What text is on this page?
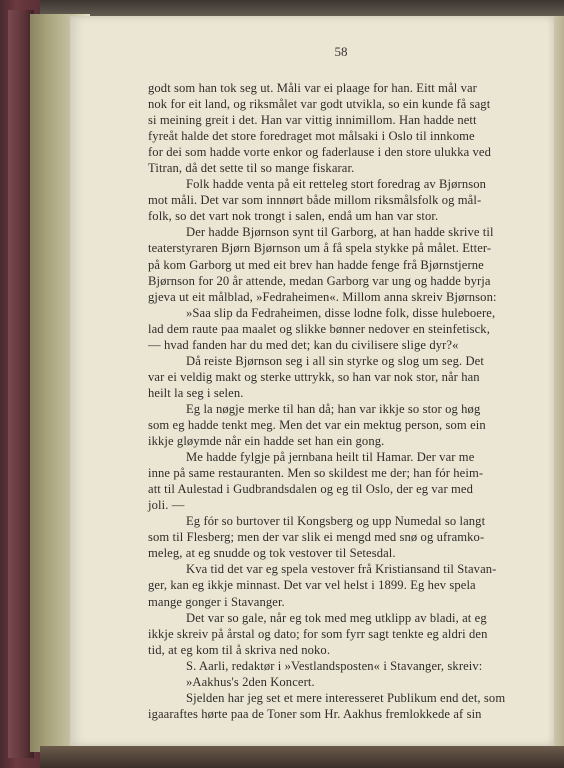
58
godt som han tok seg ut. Måli var ei plaage for han. Eitt mål var
nok for eit land, og riksmålet var godt utvikla, so ein kunde få sagt
si meining greit i det. Han var vittig innimillom. Han hadde nett
fyreåt halde det store foredraget mot målsaki i Oslo til innkome
for dei som hadde vorte enkor og faderlause i den store ulukka ved
Titran, då det sette til so mange fiskarar.
Folk hadde venta på eit retteleg stort foredrag av Bjørnson
mot måli. Det var som innnørt både millom riksmålsfolk og mål-
folk, so det vart nok trongt i salen, endå um han var stor.
Der hadde Bjørnson synt til Garborg, at han hadde skrive til
teaterstyraren Bjørn Bjørnson um å få spela stykke på målet. Etter-
på kom Garborg ut med eit brev han hadde fenge frå Bjørnstjerne
Bjørnson for 20 år attende, medan Garborg var ung og hadde byrja
gjeva ut eit målblad, »Fedraheimen«. Millom anna skreiv Bjørnson:
»Saa slip da Fedraheimen, disse lodne folk, disse huleboere,
lad dem raute paa maalet og slikke bønner nedover en steinfetisck,
— hvad fanden har du med det; kan du civilisere slige dyr?«
Då reiste Bjørnson seg i all sin styrke og slog um seg. Det
var ei veldig makt og sterke uttrykk, so han var nok stor, når han
heilt la seg i selen.
Eg la nøgje merke til han då; han var ikkje so stor og høg
som eg hadde tenkt meg. Men det var ein mektug person, som ein
ikkje gløymde når ein hadde set han ein gong.
Me hadde fylgje på jernbana heilt til Hamar. Der var me
inne på same restauranten. Men so skildest me der; han fór heim-
att til Aulestad i Gudbrandsdalen og eg til Oslo, der eg var med
joli. —
Eg fór so burtover til Kongsberg og upp Numedal so langt
som til Flesberg; men der var slik ei mengd med snø og uframko-
meleg, at eg snudde og tok vestover til Setesdal.
Kva tid det var eg spela vestover frå Kristiansand til Stavan-
ger, kan eg ikkje minnast. Det var vel helst i 1899. Eg hev spela
mange gonger i Stavanger.
Det var so gale, når eg tok med meg utklipp av bladi, at eg
ikkje skreiv på årstal og dato; for som fyrr sagt tenkte eg aldri den
tid, at eg kom til å skriva ned noko.
S. Aarli, redaktør i »Vestlandsposten« i Stavanger, skreiv:
»Aakhus's 2den Koncert.
Sjelden har jeg set et mere interesseret Publikum end det, som
igaaraftes hørte paa de Toner som Hr. Aakhus fremlokkede af sin
